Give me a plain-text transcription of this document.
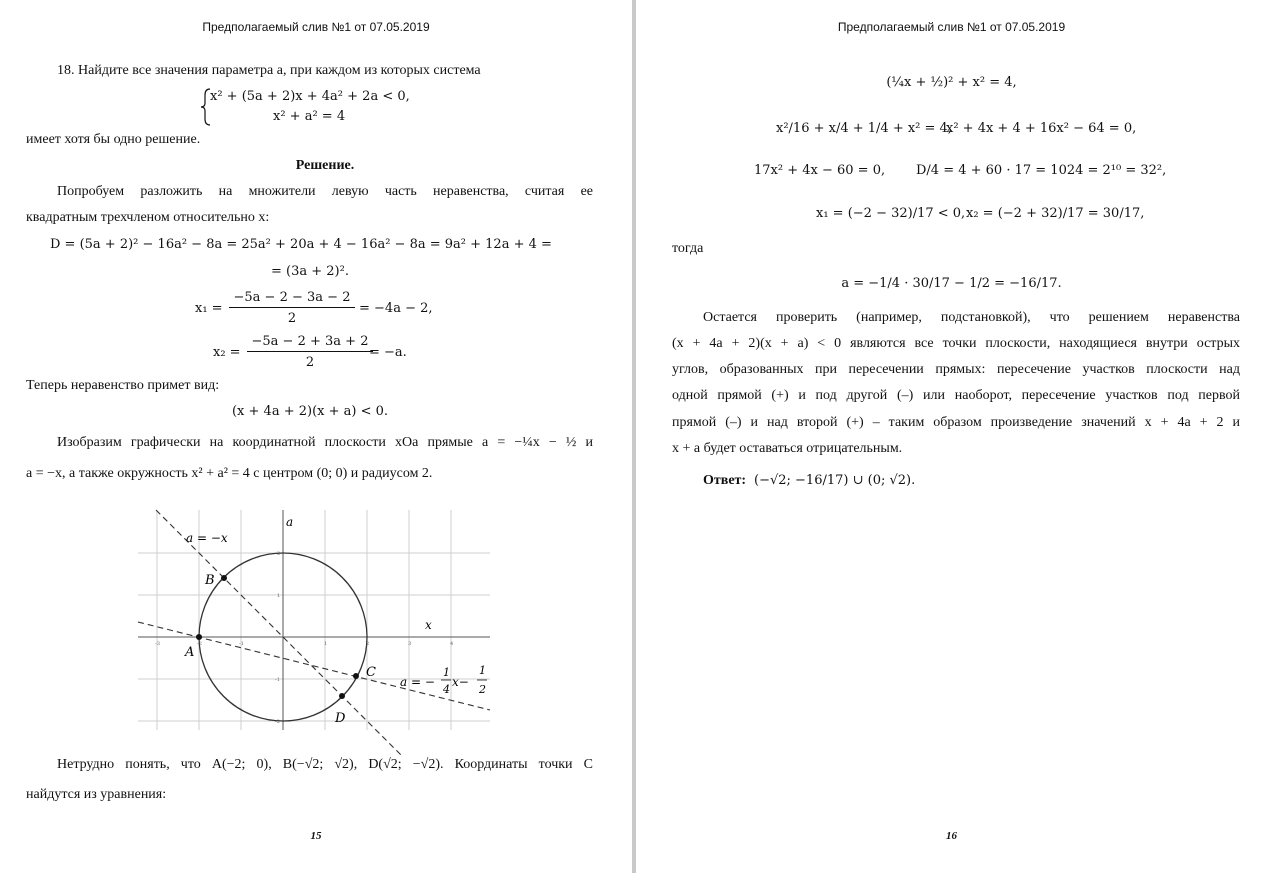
Предполагаемый слив №1 от 07.05.2019
18. Найдите все значения параметра a, при каждом из которых система
x² + (5a + 2)x + 4a² + 2a < 0,
x² + a² = 4
имеет хотя бы одно решение.
Решение.
Попробуем разложить на множители левую часть неравенства, считая ее
квадратным трехчленом относительно x:
D = (5a + 2)² − 16a² − 8a = 25a² + 20a + 4 − 16a² − 8a = 9a² + 12a + 4 =
= (3a + 2)².
x₁ =
−5a − 2 − 3a − 2
2
= −4a − 2,
x₂ =
−5a − 2 + 3a + 2
2
= −a.
Теперь неравенство примет вид:
(x + 4a + 2)(x + a) < 0.
Изобразим графически на координатной плоскости xOa прямые a = −¼x − ½ и
a = −x, а также окружность x² + a² = 4 с центром (0; 0) и радиусом 2.
a
x
-3	-2	-1	1	2	3	4
2
1
-1
-2
a = −x
a = −
1
4
x−
1
2
A
B
C
D
Нетрудно понять, что A(−2; 0), B(−√2; √2), D(√2; −√2). Координаты точки C
найдутся из уравнения:
15
Предполагаемый слив №1 от 07.05.2019
(¼x + ½)² + x² = 4,
x²/16 + x/4 + 1/4 + x² = 4,
x² + 4x + 4 + 16x² − 64 = 0,
17x² + 4x − 60 = 0, D/4 = 4 + 60 · 17 = 1024 = 2¹⁰ = 32²,
x₁ = (−2 − 32)/17 < 0, x₂ = (−2 + 32)/17 = 30/17,
тогда
a = −1/4 · 30/17 − 1/2 = −16/17.
Остается проверить (например, подстановкой), что решением неравенства
(x + 4a + 2)(x + a) < 0 являются все точки плоскости, находящиеся внутри острых
углов, образованных при пересечении прямых: пересечение участков плоскости над
одной прямой (+) и под другой (–) или наоборот, пересечение участков под первой
прямой (–) и над второй (+) – таким образом произведение значений x + 4a + 2 и
x + a будет оставаться отрицательным.
Ответ: (−√2; −16/17) ∪ (0; √2).
16
